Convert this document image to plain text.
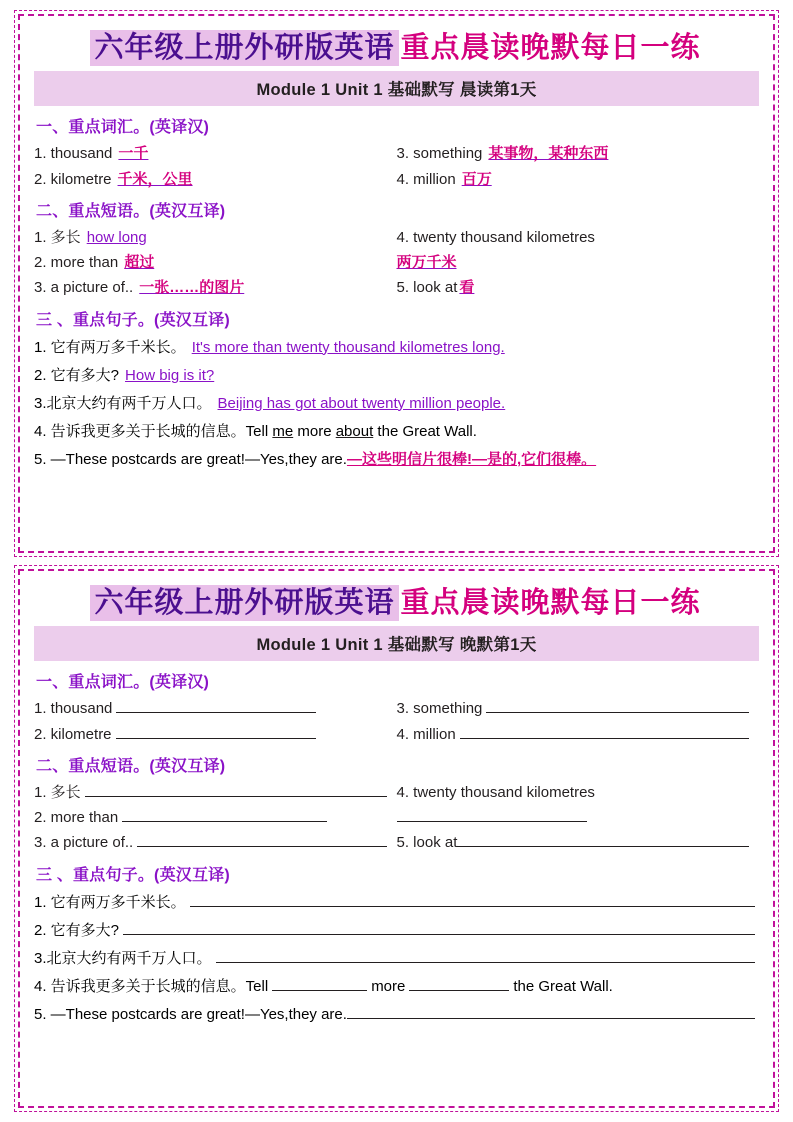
六年级上册外研版英语 重点晨读晚默每日一练
Module 1 Unit 1 基础默写 晨读第1天
一、重点词汇。(英译汉)
1. thousand 一千	3. something 某事物，某种东西
2. kilometre 千米，公里	4. million 百万
二、重点短语。(英汉互译)
1. 多长 how long	4. twenty thousand kilometres
2. more than 超过	两万千米
3. a picture of.. 一张……的图片	5. look at 看
三 、重点句子。(英汉互译)
1. 它有两万多千米长。 It's more than twenty thousand kilometres long.
2. 它有多大? How big is it?
3.北京大约有两千万人口。 Beijing has got about twenty million people.
4. 告诉我更多关于长城的信息。Tell me more about the Great Wall.
5. —These postcards are great!—Yes,they are.—这些明信片很棒!—是的,它们很棒。
六年级上册外研版英语 重点晨读晚默每日一练
Module 1 Unit 1 基础默写 晚默第1天
一、重点词汇。(英译汉)
1. thousand	3. something
2. kilometre	4. million
二、重点短语。(英汉互译)
1. 多长	4. twenty thousand kilometres
2. more than
3. a picture of..	5. look at
三 、重点句子。(英汉互译)
1. 它有两万多千米长。
2. 它有多大?
3.北京大约有两千万人口。
4. 告诉我更多关于长城的信息。Tell	more	the Great Wall.
5. —These postcards are great!—Yes,they are.
